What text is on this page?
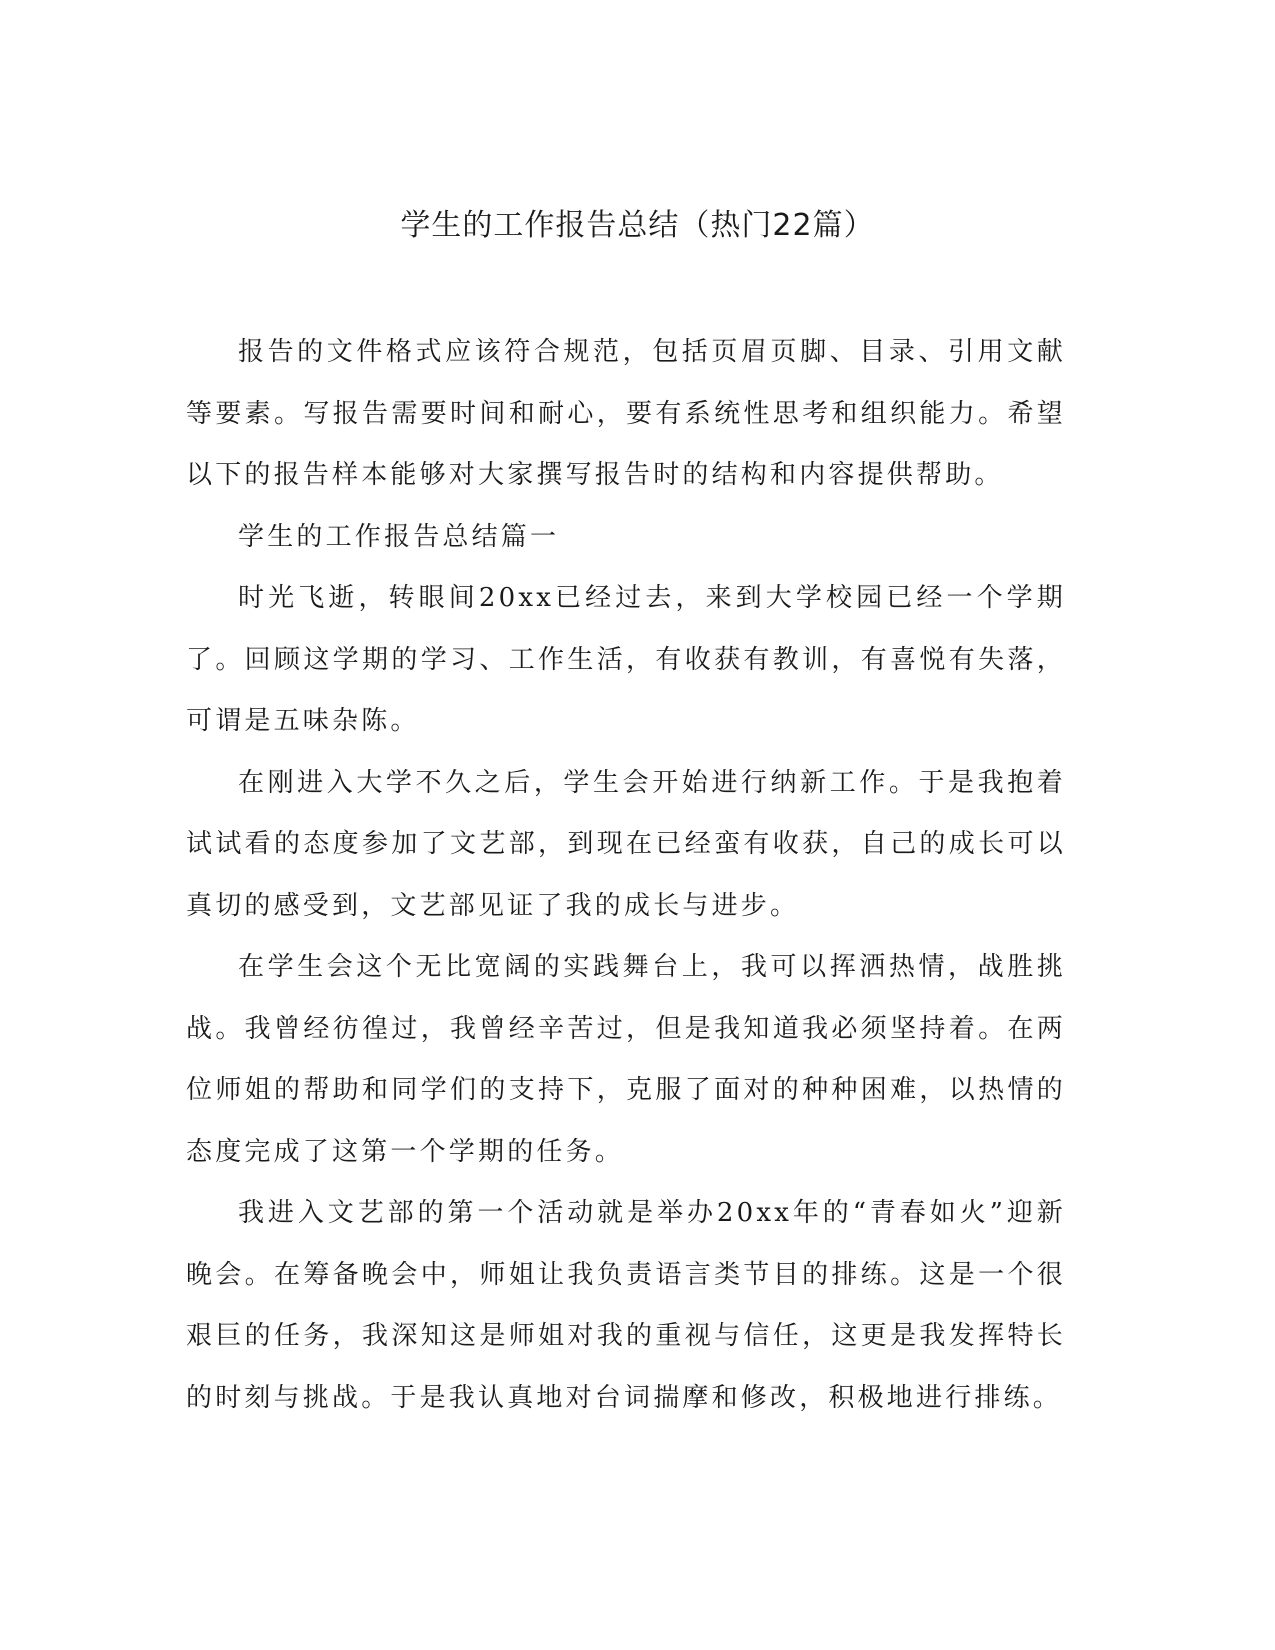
学生的工作报告总结（热门22篇）

报告的文件格式应该符合规范，包括页眉页脚、目录、引用文献等要素。写报告需要时间和耐心，要有系统性思考和组织能力。希望以下的报告样本能够对大家撰写报告时的结构和内容提供帮助。

学生的工作报告总结篇一

时光飞逝，转眼间20xx已经过去，来到大学校园已经一个学期了。回顾这学期的学习、工作生活，有收获有教训，有喜悦有失落，可谓是五味杂陈。

在刚进入大学不久之后，学生会开始进行纳新工作。于是我抱着试试看的态度参加了文艺部，到现在已经蛮有收获，自己的成长可以真切的感受到，文艺部见证了我的成长与进步。

在学生会这个无比宽阔的实践舞台上，我可以挥洒热情，战胜挑战。我曾经彷徨过，我曾经辛苦过，但是我知道我必须坚持着。在两位师姐的帮助和同学们的支持下，克服了面对的种种困难，以热情的态度完成了这第一个学期的任务。

我进入文艺部的第一个活动就是举办20xx年的“青春如火”迎新晚会。在筹备晚会中，师姐让我负责语言类节目的排练。这是一个很艰巨的任务，我深知这是师姐对我的重视与信任，这更是我发挥特长的时刻与挑战。于是我认真地对台词揣摩和修改，积极地进行排练。
